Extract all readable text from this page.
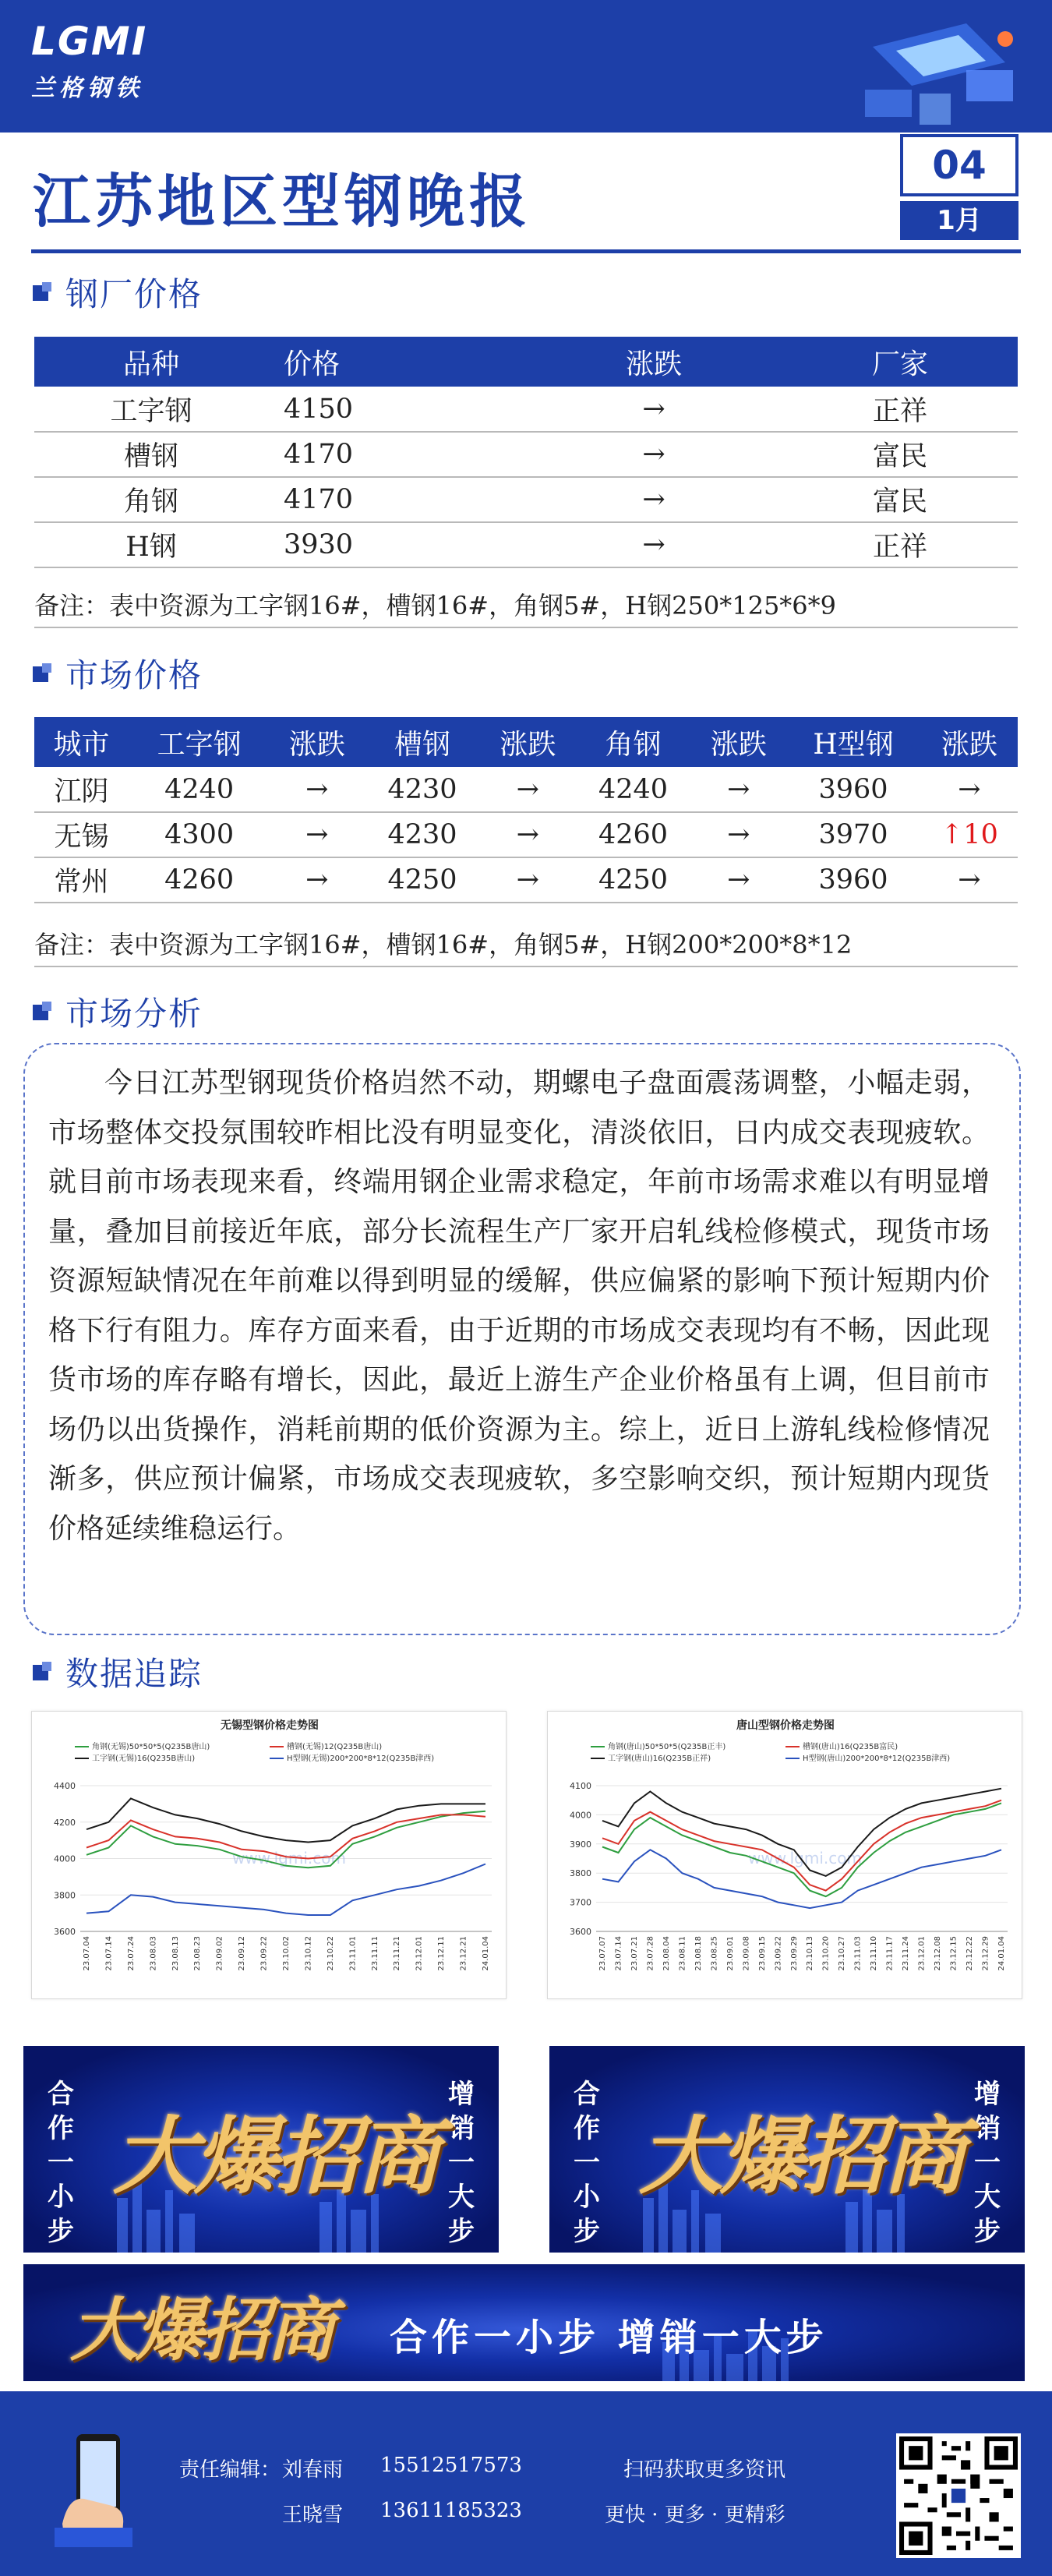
LGMI
兰格钢铁
江苏地区型钢晚报
04
1月
钢厂价格
品种	价格	涨跌	厂家
工字钢	4150	→	正祥
槽钢	4170	→	富民
角钢	4170	→	富民
H钢	3930	→	正祥
备注：表中资源为工字钢16#，槽钢16#，角钢5#，H钢250*125*6*9
市场价格
城市	工字钢	涨跌	槽钢	涨跌	角钢	涨跌	H型钢	涨跌
江阴	4240	→	4230	→	4240	→	3960	→
无锡	4300	→	4230	→	4260	→	3970	↑10
常州	4260	→	4250	→	4250	→	3960	→
备注：表中资源为工字钢16#，槽钢16#，角钢5#，H钢200*200*8*12
市场分析

今日江苏型钢现货价格岿然不动，期螺电子盘面震荡调整，小幅走弱，市场整体交投氛围较昨相比没有明显变化，清淡依旧，日内成交表现疲软。就目前市场表现来看，终端用钢企业需求稳定，年前市场需求难以有明显增量，叠加目前接近年底，部分长流程生产厂家开启轧线检修模式，现货市场资源短缺情况在年前难以得到明显的缓解，供应偏紧的影响下预计短期内价格下行有阻力。库存方面来看，由于近期的市场成交表现均有不畅，因此现货市场的库存略有增长，因此，最近上游生产企业价格虽有上调，但目前市场仍以出货操作，消耗前期的低价资源为主。综上，近日上游轧线检修情况渐多，供应预计偏紧，市场成交表现疲软，多空影响交织，预计短期内现货价格延续维稳运行。

数据追踪
无锡型钢价格走势图
角钢(无锡)50*50*5(Q235B唐山)	槽钢(无锡)12(Q235B唐山)
工字钢(无锡)16(Q235B唐山)	H型钢(无锡)200*200*8*12(Q235B津西)
3600
3800
4000
4200
4400
www.lgmi.com
23.07.04 23.07.14 23.07.24 23.08.03 23.08.13 23.08.23 23.09.02 23.09.12 23.09.22 23.10.02 23.10.12 23.10.22 23.11.01 23.11.11 23.11.21 23.12.01 23.12.11 23.12.21 24.01.04
唐山型钢价格走势图
角钢(唐山)50*50*5(Q235B正丰)	槽钢(唐山)16(Q235B富民)
工字钢(唐山)16(Q235B正祥)	H型钢(唐山)200*200*8*12(Q235B津西)
3600
3700
3800
3900
4000
4100
www.lgmi.com
23.07.07 23.07.14 23.07.21 23.07.28 23.08.04 23.08.11 23.08.18 23.08.25 23.09.01 23.09.08 23.09.15 23.09.22 23.09.29 23.10.13 23.10.20 23.10.27 23.11.03 23.11.10 23.11.17 23.11.24 23.12.01 23.12.08 23.12.15 23.12.22 23.12.29 24.01.04
合作一小步
增销一大步
大爆招商
合作一小步
增销一大步
大爆招商
大爆招商 合作一小步 增销一大步
责任编辑： 刘春雨 15512517573
王晓雪 13611185323
扫码获取更多资讯
更快 · 更多 · 更精彩
